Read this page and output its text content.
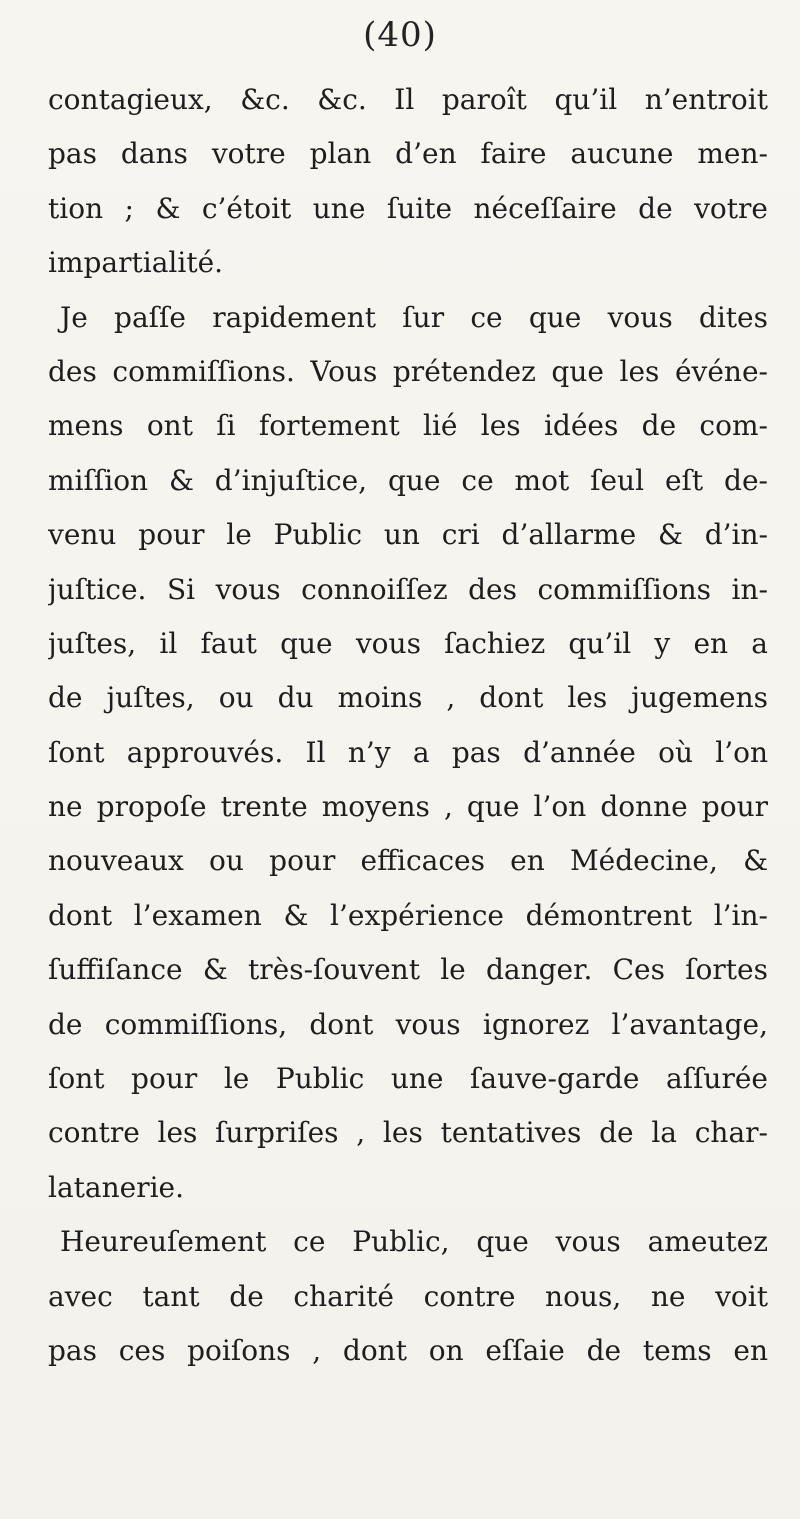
(40)
contagieux, &c. &c. Il paroît qu’il n’entroit
pas dans votre plan d’en faire aucune men-
tion ; & c’étoit une ſuite néceſſaire de votre
impartialité.
Je paſſe rapidement ſur ce que vous dites
des commiſſions. Vous prétendez que les événe-
mens ont ſi fortement lié les idées de com-
miſſion & d’injuſtice, que ce mot ſeul eſt de-
venu pour le Public un cri d’allarme & d’in-
juſtice. Si vous connoiſſez des commiſſions in-
juſtes, il faut que vous ſachiez qu’il y en a
de juſtes, ou du moins , dont les jugemens
ſont approuvés. Il n’y a pas d’année où l’on
ne propoſe trente moyens , que l’on donne pour
nouveaux ou pour efficaces en Médecine, &
dont l’examen & l’expérience démontrent l’in-
ſuffiſance & très-ſouvent le danger. Ces ſortes
de commiſſions, dont vous ignorez l’avantage,
ſont pour le Public une ſauve-garde aſſurée
contre les ſurpriſes , les tentatives de la char-
latanerie.
Heureuſement ce Public, que vous ameutez
avec tant de charité contre nous, ne voit
pas ces poiſons , dont on eſſaie de tems en
